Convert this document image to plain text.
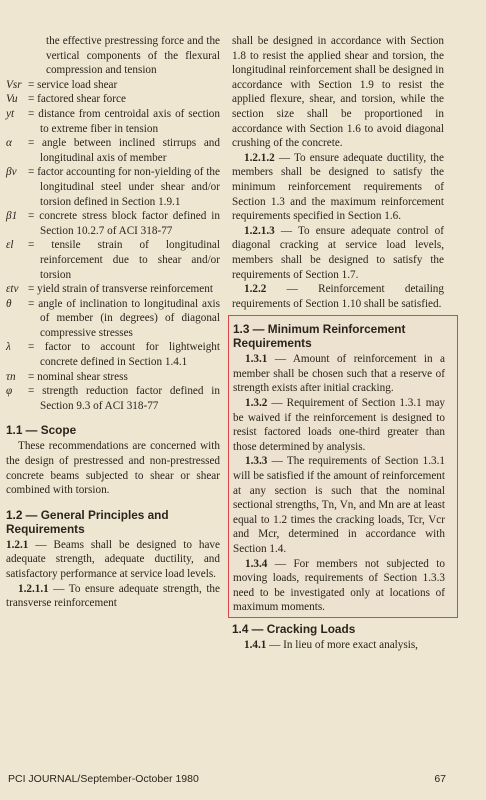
the effective prestressing force and the vertical components of the flexural compression and tension

Vsr = service load shear
Vu = factored shear force
yt	= distance from centroidal axis of section to extreme fiber in tension
α	= angle between inclined stirrups and longitudinal axis of member
βv	= factor accounting for non-yielding of the longitudinal steel under shear and/or torsion defined in Section 1.9.1
β1 = concrete stress block factor defined in Section 10.2.7 of ACI 318-77
εl	= tensile strain of longitudinal reinforcement due to shear and/or torsion
εtv = yield strain of transverse reinforcement
θ	= angle of inclination to longitudinal axis of member (in degrees) of diagonal compressive stresses
λ	= factor to account for lightweight concrete defined in Section 1.4.1
τn	= nominal shear stress
φ	= strength reduction factor defined in Section 9.3 of ACI 318-77
1.1 — Scope

These recommendations are concerned with the design of prestressed and non-prestressed concrete beams subjected to shear or shear combined with torsion.

1.2 — General Principles and Requirements

1.2.1 — Beams shall be designed to have adequate strength, adequate ductility, and satisfactory performance at service load levels.

1.2.1.1 — To ensure adequate strength, the transverse reinforcement

shall be designed in accordance with Section 1.8 to resist the applied shear and torsion, the longitudinal reinforcement shall be designed in accordance with Section 1.9 to resist the applied flexure, shear, and torsion, while the section size shall be proportioned in accordance with Section 1.6 to avoid diagonal crushing of the concrete.

1.2.1.2 — To ensure adequate ductility, the members shall be designed to satisfy the minimum reinforcement requirements of Section 1.3 and the maximum reinforcement requirements specified in Section 1.6.

1.2.1.3 — To ensure adequate control of diagonal cracking at service load levels, members shall be designed to satisfy the requirements of Section 1.7.

1.2.2 — Reinforcement detailing requirements of Section 1.10 shall be satisfied.

1.3 — Minimum Reinforcement Requirements

1.3.1 — Amount of reinforcement in a member shall be chosen such that a reserve of strength exists after initial cracking.

1.3.2 — Requirement of Section 1.3.1 may be waived if the reinforcement is designed to resist factored loads one-third greater than those determined by analysis.

1.3.3 — The requirements of Section 1.3.1 will be satisfied if the amount of reinforcement at any section is such that the nominal sectional strengths, Tn, Vn, and Mn are at least equal to 1.2 times the cracking loads, Tcr, Vcr and Mcr, determined in accordance with Section 1.4.

1.3.4 — For members not subjected to moving loads, requirements of Section 1.3.3 need to be investigated only at locations of maximum moments.

1.4 — Cracking Loads

1.4.1 — In lieu of more exact analysis,

PCI JOURNAL/September-October 1980	67
